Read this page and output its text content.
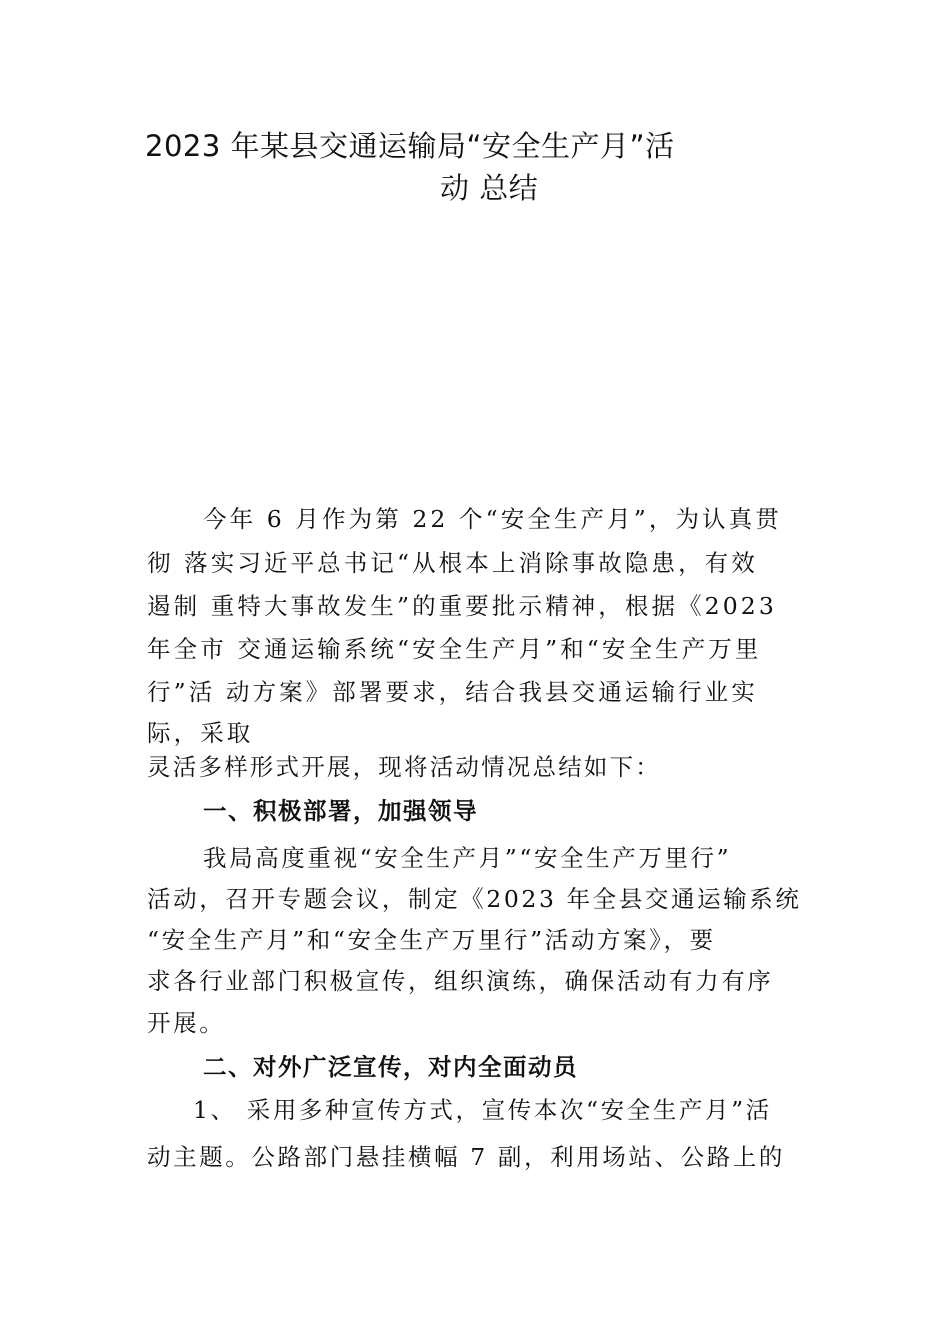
2023 年某县交通运输局“安全生产月”活
动 总结
今年 6 月作为第 22 个“安全生产月”，为认真贯
彻 落实习近平总书记“从根本上消除事故隐患，有效
遏制 重特大事故发生”的重要批示精神，根据《2023
年全市 交通运输系统“安全生产月”和“安全生产万里
行”活 动方案》部署要求，结合我县交通运输行业实
际，采取
灵活多样形式开展，现将活动情况总结如下：
一、积极部署，加强领导
我局高度重视“安全生产月”“安全生产万里行”
活动，召开专题会议，制定《2023 年全县交通运输系统
“安全生产月”和“安全生产万里行”活动方案》，要
求各行业部门积极宣传，组织演练，确保活动有力有序
开展。
二、对外广泛宣传，对内全面动员
1、 采用多种宣传方式，宣传本次“安全生产月”活
动主题。公路部门悬挂横幅 7 副，利用场站、公路上的
